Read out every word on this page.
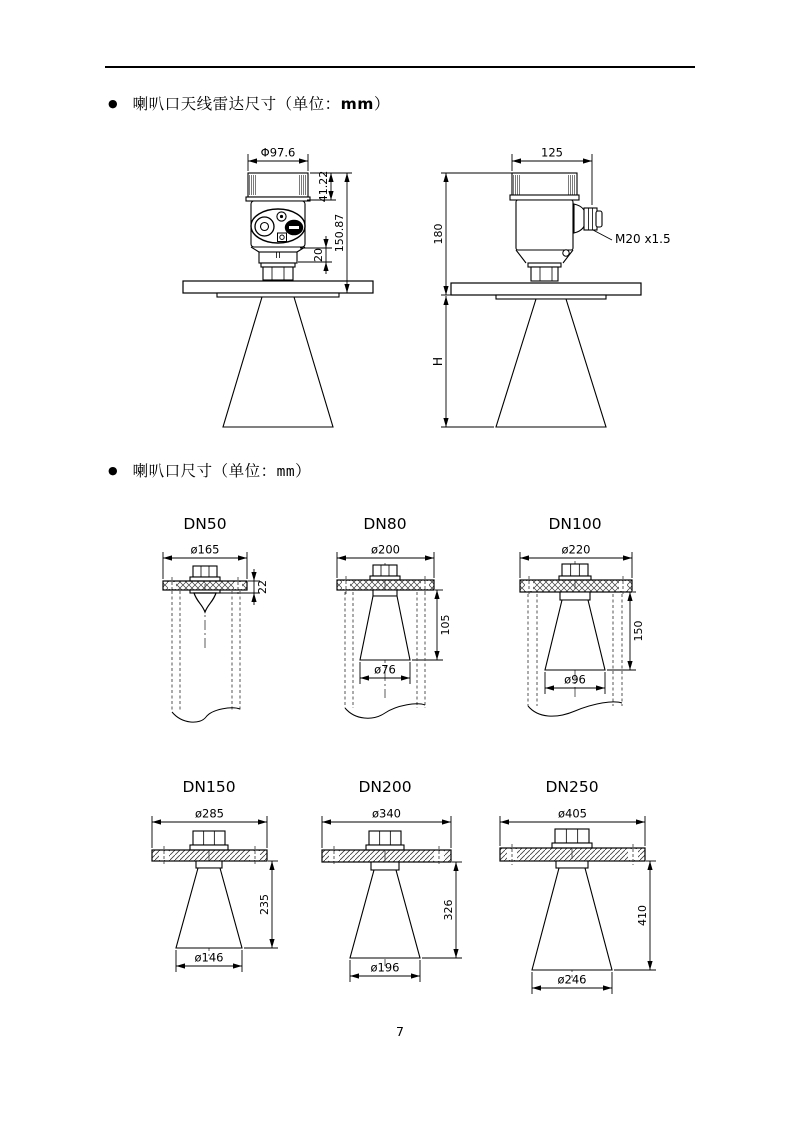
● 喇叭口天线雷达尺寸（单位：mm）
● 喇叭口尺寸（单位：mm）
Φ97.6
41.22
150.87
20
125
M20 x1.5
180
H
DN50
ø165
22
DN80
ø200
ø76
105
DN100
ø220
ø96
150
DN150
ø285
ø146
235
DN200
ø340
ø196
326
DN250
ø405
ø246
410
7
